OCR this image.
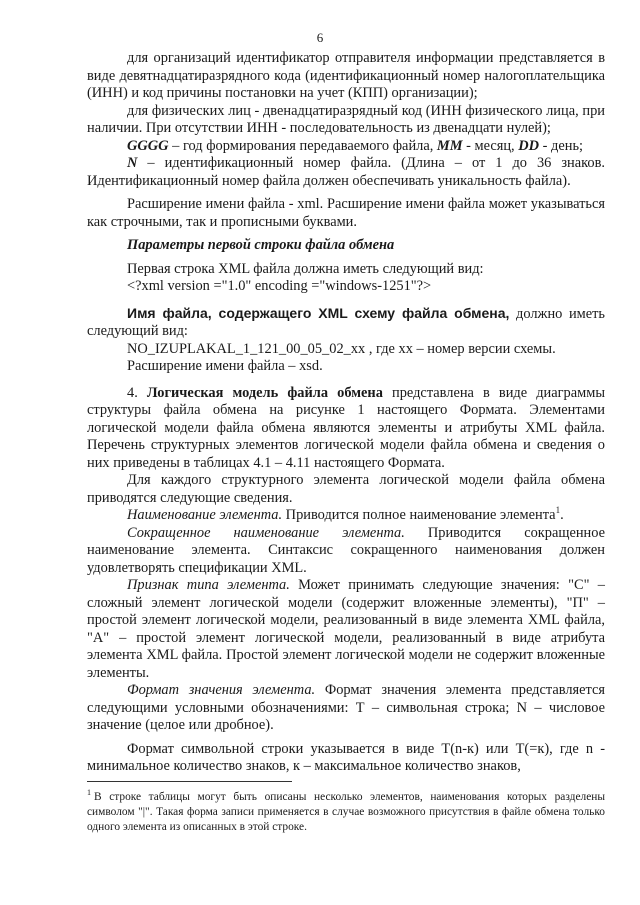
6

для организаций идентификатор отправителя информации представляется в виде девятнадцатиразрядного кода (идентификационный номер налогоплательщика (ИНН) и код причины постановки на учет (КПП) организации);

для физических лиц - двенадцатиразрядный код (ИНН физического лица, при наличии. При отсутствии ИНН - последовательность из двенадцати нулей);

GGGG – год формирования передаваемого файла, MM - месяц, DD - день;

N – идентификационный номер файла. (Длина – от 1 до 36 знаков. Идентификационный номер файла должен обеспечивать уникальность файла).

Расширение имени файла - xml. Расширение имени файла может указываться как строчными, так и прописными буквами.

Параметры первой строки файла обмена

Первая строка XML файла должна иметь следующий вид:

<?xml version ="1.0" encoding ="windows-1251"?>

Имя файла, содержащего XML схему файла обмена, должно иметь следующий вид:

NO_IZUPLAKAL_1_121_00_05_02_xx , где хх – номер версии схемы.

Расширение имени файла – xsd.

4. Логическая модель файла обмена представлена в виде диаграммы структуры файла обмена на рисунке 1 настоящего Формата. Элементами логической модели файла обмена являются элементы и атрибуты XML файла. Перечень структурных элементов логической модели файла обмена и сведения о них приведены в таблицах 4.1 – 4.11 настоящего Формата.

Для каждого структурного элемента логической модели файла обмена приводятся следующие сведения.

Наименование элемента. Приводится полное наименование элемента$^1$.

Сокращенное наименование элемента. Приводится сокращенное наименование элемента. Синтаксис сокращенного наименования должен удовлетворять спецификации XML.

Признак типа элемента. Может принимать следующие значения: "С" – сложный элемент логической модели (содержит вложенные элементы), "П" – простой элемент логической модели, реализованный в виде элемента XML файла, "А" – простой элемент логической модели, реализованный в виде атрибута элемента XML файла. Простой элемент логической модели не содержит вложенные элементы.

Формат значения элемента. Формат значения элемента представляется следующими условными обозначениями: Т – символьная строка; N – числовое значение (целое или дробное).

Формат символьной строки указывается в виде Т(n-к) или Т(=к), где n - минимальное количество знаков, к – максимальное количество знаков,

$^1$ В строке таблицы могут быть описаны несколько элементов, наименования которых разделены символом "|". Такая форма записи применяется в случае возможного присутствия в файле обмена только одного элемента из описанных в этой строке.
